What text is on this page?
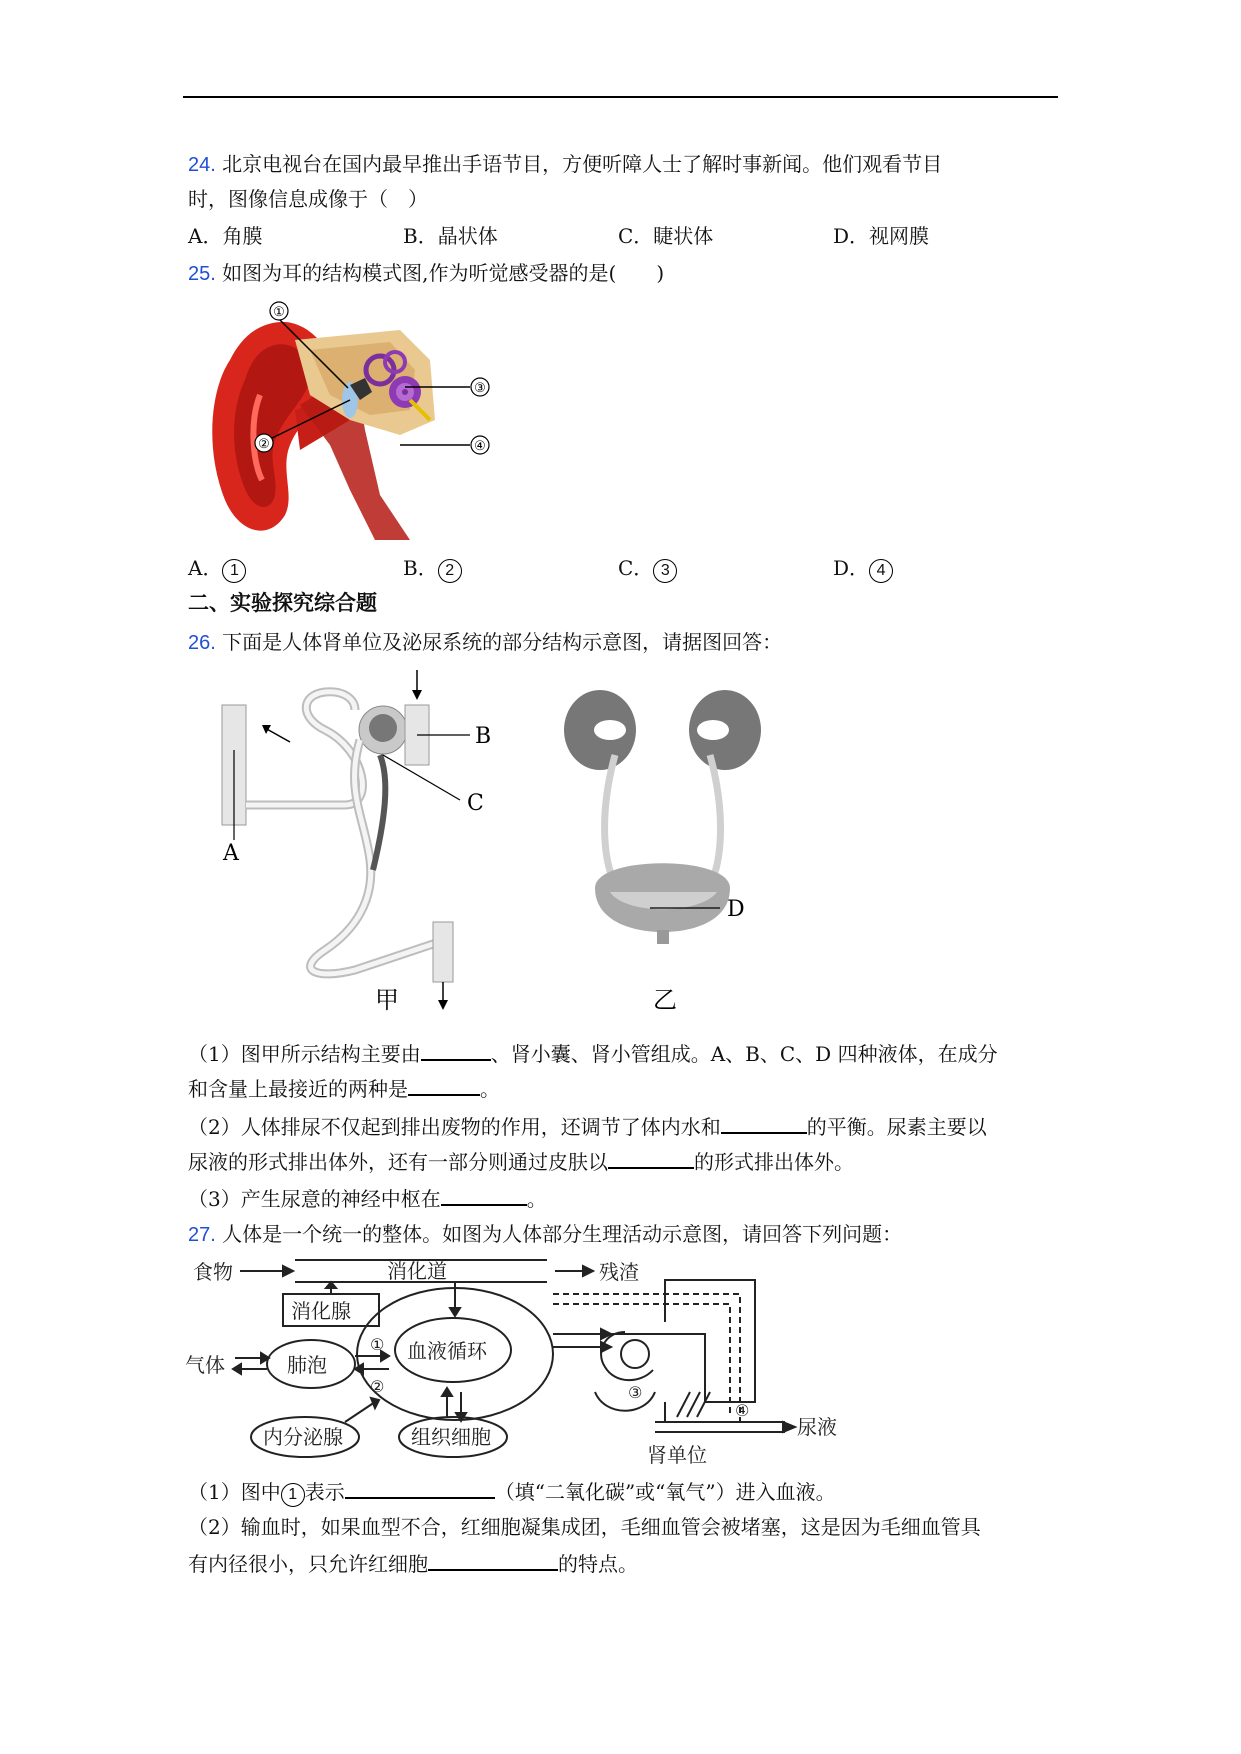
24. 北京电视台在国内最早推出手语节目，方便听障人士了解时事新闻。他们观看节目
时，图像信息成像于（　）
A．角膜	B．晶状体	C．睫状体	D．视网膜
25. 如图为耳的结构模式图,作为听觉感受器的是(　　)
①
②
③
④
A． 1	B． 2	C． 3	D． 4
二、实验探究综合题
26. 下面是人体肾单位及泌尿系统的部分结构示意图，请据图回答：
A
B
C
D
甲	乙
（1）图甲所示结构主要由	、肾小囊、肾小管组成。A、B、C、D 四种液体，在成分
和含量上最接近的两种是	。
（2）人体排尿不仅起到排出废物的作用，还调节了体内水和	的平衡。尿素主要以
尿液的形式排出体外，还有一部分则通过皮肤以	的形式排出体外。
（3）产生尿意的神经中枢在	。
27. 人体是一个统一的整体。如图为人体部分生理活动示意图，请回答下列问题：
食物	消化道	残渣
消化腺
气体	肺泡
血液循环
内分泌腺	组织细胞	尿液
肾单位
①
②	③
④
（1）图中 1 表示	（填“二氧化碳”或“氧气”）进入血液。
（2）输血时，如果血型不合，红细胞凝集成团，毛细血管会被堵塞，这是因为毛细血管具
有内径很小，只允许红细胞	的特点。
